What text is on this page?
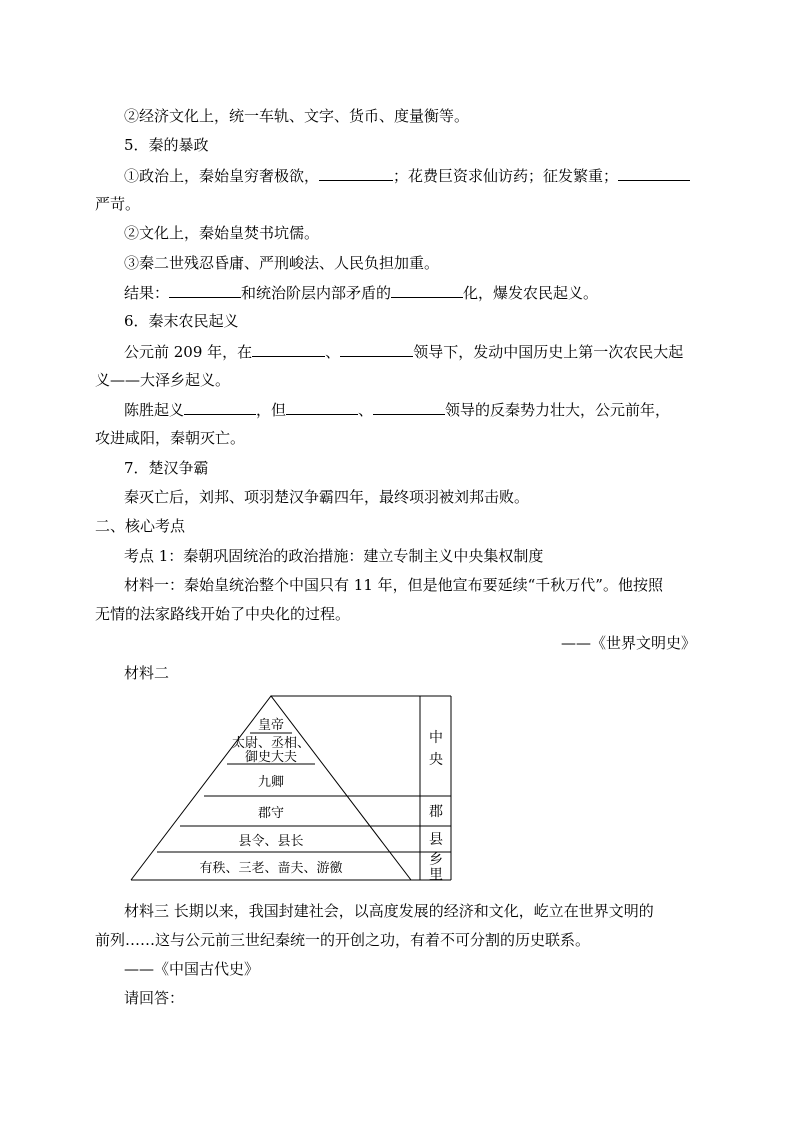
②经济文化上，统一车轨、文字、货币、度量衡等。
5．秦的暴政
①政治上，秦始皇穷奢极欲，	；花费巨资求仙访药；征发繁重；
严苛。
②文化上，秦始皇焚书坑儒。
③秦二世残忍昏庸、严刑峻法、人民负担加重。
结果：	和统治阶层内部矛盾的	化，爆发农民起义。
6．秦末农民起义
公元前 209 年，在	、	领导下，发动中国历史上第一次农民大起
义——大泽乡起义。
陈胜起义	，但	、	领导的反秦势力壮大，公元前年，
攻进咸阳，秦朝灭亡。
7．楚汉争霸
秦灭亡后，刘邦、项羽楚汉争霸四年，最终项羽被刘邦击败。
二、核心考点
考点 1：秦朝巩固统治的政治措施：建立专制主义中央集权制度
材料一：秦始皇统治整个中国只有 11 年，但是他宣布要延续“千秋万代”。他按照
无情的法家路线开始了中央化的过程。
——《世界文明史》
材料二
皇帝
太尉、丞相、
御史大夫
九卿
郡守
县令、县长
有秩、三老、啬夫、游徼
中
央
郡
县
乡
里
材料三 长期以来，我国封建社会，以高度发展的经济和文化，屹立在世界文明的
前列……这与公元前三世纪秦统一的开创之功，有着不可分割的历史联系。
——《中国古代史》
请回答：
